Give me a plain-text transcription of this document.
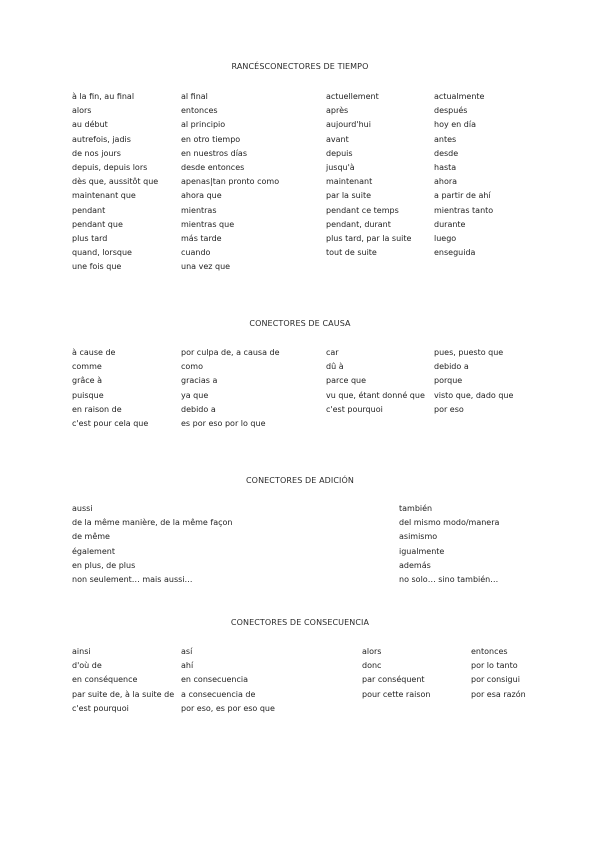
RANCÉSCONECTORES DE TIEMPO
à la fin, au final
alors
au début
autrefois, jadis
de nos jours
depuis, depuis lors
dès que, aussitôt que
maintenant que
pendant
pendant que
plus tard
quand, lorsque
une fois que
al final
entonces
al principio
en otro tiempo
en nuestros días
desde entonces
apenas|tan pronto como
ahora que
mientras
mientras que
más tarde
cuando
una vez que
actuellement
après
aujourd'hui
avant
depuis
jusqu'à
maintenant
par la suite
pendant ce temps
pendant, durant
plus tard, par la suite
tout de suite
actualmente
después
hoy en día
antes
desde
hasta
ahora
a partir de ahí
mientras tanto
durante
luego
enseguida
CONECTORES DE CAUSA
à cause de
comme
grâce à
puisque
en raison de
c'est pour cela que
por culpa de, a causa de
como
gracias a
ya que
debido a
es por eso por lo que
car
dû à
parce que
vu que, étant donné que
c'est pourquoi
pues, puesto que
debido a
porque
visto que, dado que
por eso
CONECTORES DE ADICIÓN
aussi
de la même manière, de la même façon
de même
également
en plus, de plus
non seulement… mais aussi…
también
del mismo modo/manera
asimismo
igualmente
además
no solo… sino también…
CONECTORES DE CONSECUENCIA
ainsi
d'où de
en conséquence
par suite de, à la suite de
c'est pourquoi
así
ahí
en consecuencia
a consecuencia de
por eso, es por eso que
alors
donc
par conséquent
pour cette raison
entonces
por lo tanto
por consigui
por esa razón
